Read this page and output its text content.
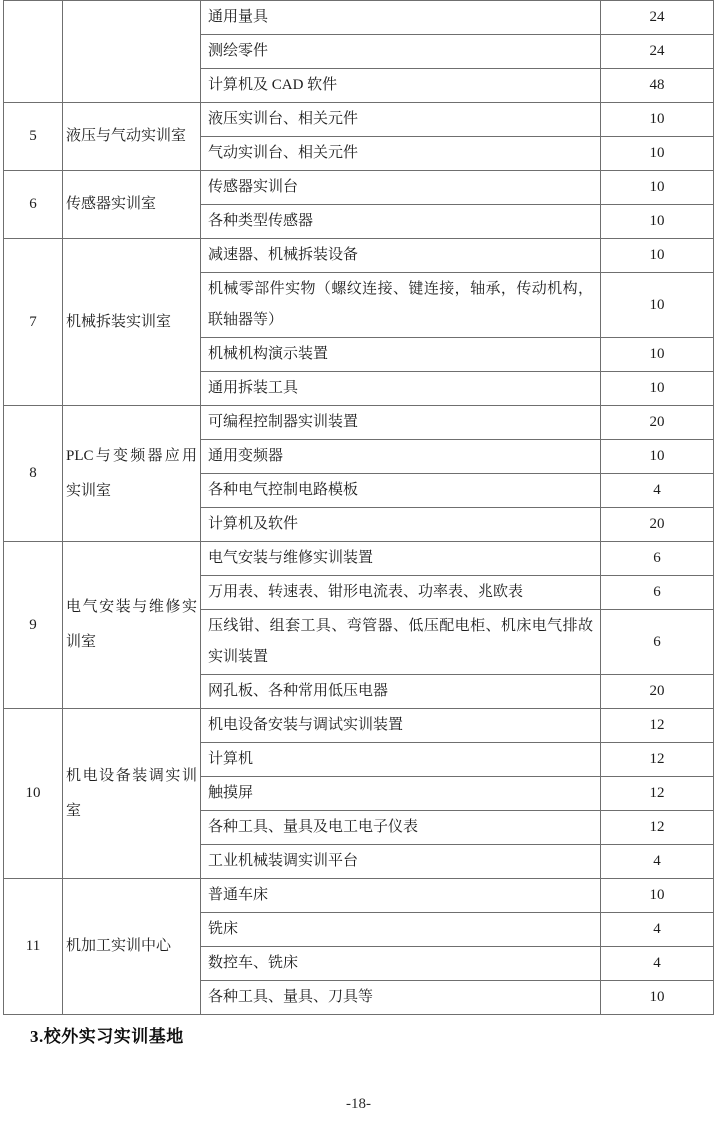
		通用量具	24
		测绘零件	24
		计算机及 CAD 软件	48
5	液压与气动实训室	液压实训台、相关元件	10
		气动实训台、相关元件	10
6	传感器实训室	传感器实训台	10
		各种类型传感器	10
7	机械拆装实训室	减速器、机械拆装设备	10
		机械零部件实物（螺纹连接、键连接，轴承，传动机构，联轴器等）	10
		机械机构演示装置	10
		通用拆装工具	10
8	PLC与变频器应用实训室	可编程控制器实训装置	20
		通用变频器	10
		各种电气控制电路模板	4
		计算机及软件	20
9	电气安装与维修实训室	电气安装与维修实训装置	6
		万用表、转速表、钳形电流表、功率表、兆欧表	6
		压线钳、组套工具、弯管器、低压配电柜、机床电气排故实训装置	6
		网孔板、各种常用低压电器	20
10	机电设备装调实训室	机电设备安装与调试实训装置	12
		计算机	12
		触摸屏	12
		各种工具、量具及电工电子仪表	12
		工业机械装调实训平台	4
11	机加工实训中心	普通车床	10
		铣床	4
		数控车、铣床	4
		各种工具、量具、刀具等	10
3.校外实习实训基地
-18-
